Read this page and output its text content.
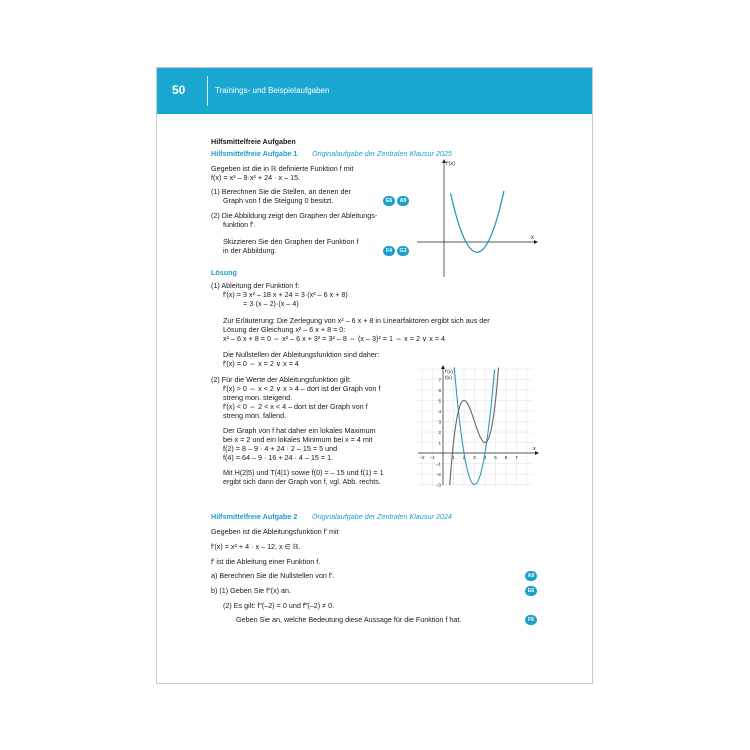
50	Trainings- und Beispielaufgaben
Hilfsmittelfreie Aufgaben
Hilfsmittelfreie Aufgabe 1 Originalaufgabe der Zentralen Klausur 2025
Gegeben ist die in ℝ definierte Funktion f mit
f(x) = x³ – 9·x² + 24 · x – 15.
(1) Berechnen Sie die Stellen, an denen der
Graph von f die Steigung 0 besitzt.	E6	A9
(2) Die Abbildung zeigt den Graphen der Ableitungs-
funktion f′.
Skizzieren Sie den Graphen der Funktion f
in der Abbildung.	F4	G3
f′(x)
x
Lösung
(1) Ableitung der Funktion f:
f′(x) = 3 x² – 18 x + 24 = 3·(x² – 6 x + 8)
= 3·(x – 2)·(x – 4)
Zur Erläuterung: Die Zerlegung von x² – 6 x + 8 in Linearfaktoren ergibt sich aus der
Lösung der Gleichung x² – 6 x + 8 = 0:
x² – 6 x + 8 = 0 ⇔ x² – 6 x + 3² = 3² – 8 ⇔ (x – 3)² = 1 ⇔ x = 2 ∨ x = 4
Die Nullstellen der Ableitungsfunktion sind daher:
f′(x) = 0 ⇔ x = 2 ∨ x = 4
(2) Für die Werte der Ableitungsfunktion gilt:
f′(x) > 0 ⇔ x < 2 ∨ x > 4 – dort ist der Graph von f
streng mon. steigend.
f′(x) < 0 ⇔ 2 < x < 4 – dort ist der Graph von f
streng mon. fallend.
Der Graph von f hat daher ein lokales Maximum
bei x = 2 und ein lokales Minimum bei x = 4 mit
f(2) = 8 – 9 · 4 + 24 · 2 – 15 = 5 und
f(4) = 64 – 9 · 16 + 24 · 4 – 15 = 1.
Mit H(2|5) und T(4|1) sowie f(0) = – 15 und f(1) = 1
ergibt sich dann der Graph von f, vgl. Abb. rechts.
7
6
5
4
3
2
1
–1
–2
–3
–2 –1	1 2 3 4 5 6 7
f′(x)
f(x)
x
Hilfsmittelfreie Aufgabe 2 Originalaufgabe der Zentralen Klausur 2024
Gegeben ist die Ableitungsfunktion f′ mit
f′(x) = x² + 4 · x – 12, x ∈ ℝ.
f′ ist die Ableitung einer Funktion f.
a) Berechnen Sie die Nullstellen von f′.	A9
b) (1) Geben Sie f″(x) an.	E6
(2) Es gilt: f″(–2) = 0 und f‴(–2) ≠ 0.
Geben Sie an, welche Bedeutung diese Aussage für die Funktion f hat.	F6
